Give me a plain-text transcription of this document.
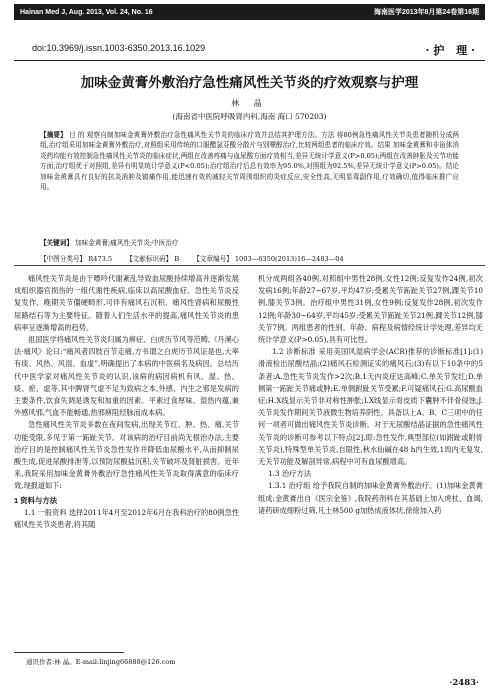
Hainan Med J, Aug. 2013, Vol. 24, No. 16	海南医学2013年8月第24卷第16期
doi:10.3969/j.issn.1003-6350.2013.16.1029	·护 理·
加味金黄膏外敷治疗急性痛风性关节炎的疗效观察与护理
林 晶
(海南省中医院呼吸肾内科,海南 海口 570203)
【摘要】 目 的 观察自制加味金黄膏外敷治疗急性痛风性关节炎的临床疗效并总结其护理方法。方法 将80例急性痛风性关节炎患者随机分成两组,治疗组采用加味金黄膏外敷治疗,对照组采用传统的口服醋氯芬酸分散片与别嘌醇治疗,比较两组患者的临床疗效。结果 加味金黄膏和非甾体消炎药均能有效控制急性痛风性关节炎的临床症状,两组在改善疼痛与血尿酸方面疗效相当,差异无统计学意义(P>0.05);两组在改善肿胀及关节功能方面,治疗组优于对照组,差异有明显统计学意义(P<0.05);治疗组治疗后总有效率为95.0%,对照组为92.5%,差异无统计学意义(P>0.05)。结论 加味金黄膏具有良好的抗炎消肿及镇痛作用,能迅速有效的减轻关节周围组织的炎症反应,安全性高,无明显毒副作用,疗效确切,值得临床推广应用。
【关键词】 加味金黄膏;痛风性关节炎;中医治疗
【中图分类号】 R473.5 【文献标识码】 B 【文章编号】 1003—6350(2013)16—2483—04

痛风性关节炎是由于嘌呤代谢紊乱导致血尿酸持续增高并逐渐发展成组织器官损伤的一组代谢性疾病,临床以高尿酸血症、急性关节炎反复发作、晚期关节僵硬畸形,可伴有痛风石沉积、痛风性肾病和尿酸性尿路结石等为主要特征。随着人们生活水平的提高,痛风性关节炎的患病率呈逐渐增高的趋势。

祖国医学将痛风性关节炎归属为痹症、白虎历节风等范畴,《丹溪心法·痛风》论曰:“痛风者四肢百节走痛,方书谓之白虎历节风证是也,大率有痰、风热、风湿、血虚”,明确提出了本病的中医病名及病因。总结历代中医学家对痛风性关节炎的认识,该病的病因病机有风、湿、热、痰、瘀、虚等,其中脾肾气虚不足为致病之本,外感、内生之邪是发病的主要条件,饮食失调是诱发和加重的因素。平素过食厚味、湿热内蕴,兼外感风邪,气血不能畅通,热邪痹阻经脉而成本病。

急性痛风性关节炎多数在夜间发病,出现关节红、肿、热、痛,关节功能受限,多见于第一跖趾关节。对该病的治疗目前尚无根治办法,主要治疗目的是控制痛风性关节炎急性发作并降低血尿酸水平,从而抑制尿酸生成,促进尿酸排泄等,以预防尿酸盐沉积,关节破坏及肾脏损害。近年来,我院采用加味金黄膏外敷治疗急性痛风性关节炎取得满意的临床疗效,现报道如下:

1 资料与方法

1.1 一般资料 选择2011年4月至2012年6月在我科治疗的80例急性痛风性关节炎患者,将其随

机分成两组各40例,对照组中男性28例,女性12例;反复发作24例,初次发病16例;年龄27~67岁,平均47岁;受累关节跖趾关节27例,踝关节10例,膝关节3例。治疗组中男性31例,女性9例;反复发作28例,初次发作12例;年龄30~64岁,平均45岁;受累关节跖趾关节21例,踝关节12例,膝关节7例。两组患者的性别、年龄、病程及病情经统计学处理,差异均无统计学意义(P>0.05),具有可比性。

1.2 诊断标准 采用美国风湿病学会(ACR)推荐的诊断标准[1]:(1)滑液检出尿酸结晶;(2)痛风石检测证实的痛风石;(3)有以下10条中的5条者:A.急性关节炎发作>2次;B.1天内炎症达高峰;C.单关节发红;D.单侧第一跖趾关节痛或肿;E.单侧跗趾关节受累;F.可疑痛风石;G.高尿酸血症;H.X线显示关节非对称性肿胀;I.X线显示骨皮质下囊肿不伴骨侵蚀;J.关节炎发作期间关节液微生物培养阴性。具备以上A、B、C三项中的任何一项者可做出痛风性关节炎诊断。对于无尿酸结晶证据的急性痛风性关节炎的诊断可参考以下特点[2],即:急性发作,典型部位(如跗趾或附骨关节炎),特殊型单关节炎,自限性,秋水仙碱在48 h内生效,1周内无复发,无关节功能及解剖异常,病程中可有血尿酸增高。

1.3 治疗方法

1.3.1 治疗组 给予我院自制的加味金黄膏外敷治疗。(1)加味金黄膏组成:金黄膏出自《医宗金鉴》,我院药剂科在其基础上加入虎杖、血竭,诸药研成细粉过筛,凡士林500 g加热成液体状,徐徐加入药

通讯作者:林 晶。E-mail:linjing66888@126.com
·2483·
